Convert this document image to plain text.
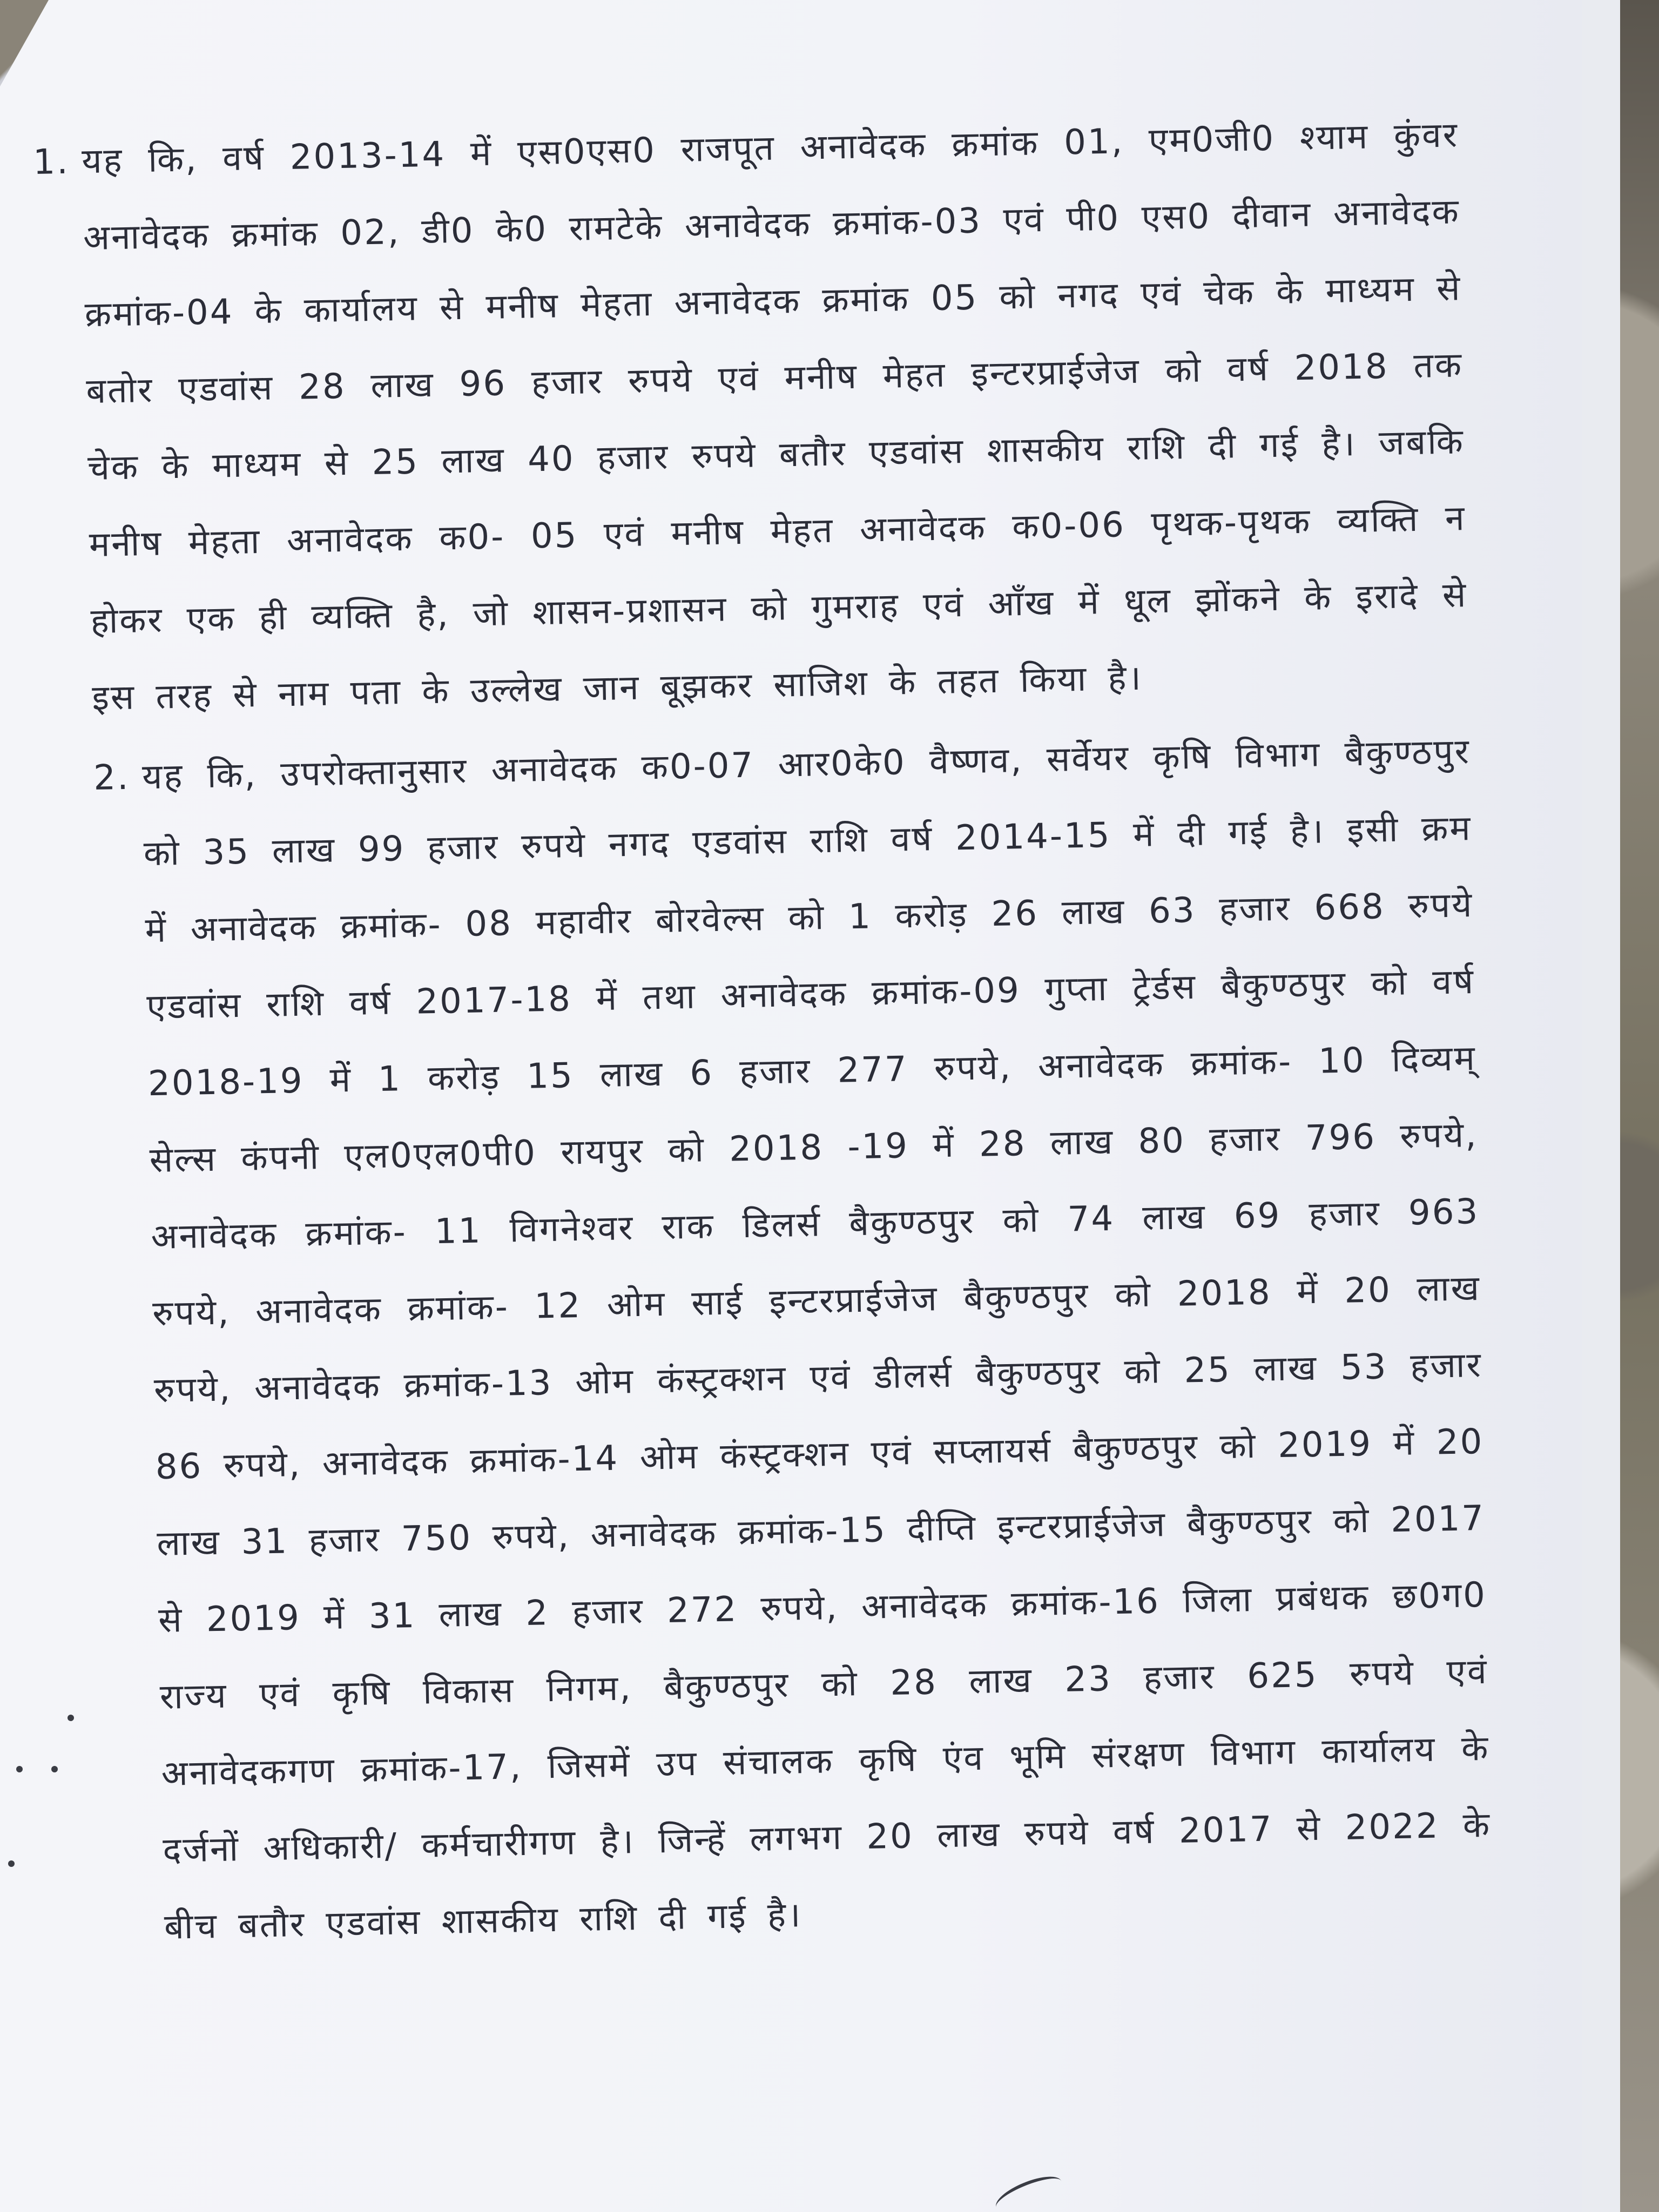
1. यह कि, वर्ष 2013-14 में एस0एस0 राजपूत अनावेदक क्रमांक 01, एम0जी0 श्याम कुंवर अनावेदक क्रमांक 02, डी0 के0 रामटेके अनावेदक क्रमांक-03 एवं पी0 एस0 दीवान अनावेदक क्रमांक-04 के कार्यालय से मनीष मेहता अनावेदक क्रमांक 05 को नगद एवं चेक के माध्यम से बतोर एडवांस 28 लाख 96 हजार रुपये एवं मनीष मेहत इन्टरप्राईजेज को वर्ष 2018 तक चेक के माध्यम से 25 लाख 40 हजार रुपये बतौर एडवांस शासकीय राशि दी गई है। जबकि मनीष मेहता अनावेदक क0- 05 एवं मनीष मेहत अनावेदक क0-06 पृथक-पृथक व्यक्ति न होकर एक ही व्यक्ति है, जो शासन-प्रशासन को गुमराह एवं आँख में धूल झोंकने के इरादे से इस तरह से नाम पता के उल्लेख जान बूझकर साजिश के तहत किया है।
2. यह कि, उपरोक्तानुसार अनावेदक क0-07 आर0के0 वैष्णव, सर्वेयर कृषि विभाग बैकुण्ठपुर को 35 लाख 99 हजार रुपये नगद एडवांस राशि वर्ष 2014-15 में दी गई है। इसी क्रम में अनावेदक क्रमांक- 08 महावीर बोरवेल्स को 1 करोड़ 26 लाख 63 हजार 668 रुपये एडवांस राशि वर्ष 2017-18 में तथा अनावेदक क्रमांक-09 गुप्ता ट्रेर्डस बैकुण्ठपुर को वर्ष 2018-19 में 1 करोड़ 15 लाख 6 हजार 277 रुपये, अनावेदक क्रमांक- 10 दिव्यम् सेल्स कंपनी एल0एल0पी0 रायपुर को 2018 -19 में 28 लाख 80 हजार 796 रुपये, अनावेदक क्रमांक- 11 विगनेश्वर राक डिलर्स बैकुण्ठपुर को 74 लाख 69 हजार 963 रुपये, अनावेदक क्रमांक- 12 ओम साई इन्टरप्राईजेज बैकुण्ठपुर को 2018 में 20 लाख रुपये, अनावेदक क्रमांक-13 ओम कंस्ट्रक्शन एवं डीलर्स बैकुण्ठपुर को 25 लाख 53 हजार 86 रुपये, अनावेदक क्रमांक-14 ओम कंस्ट्रक्शन एवं सप्लायर्स बैकुण्ठपुर को 2019 में 20 लाख 31 हजार 750 रुपये, अनावेदक क्रमांक-15 दीप्ति इन्टरप्राईजेज बैकुण्ठपुर को 2017 से 2019 में 31 लाख 2 हजार 272 रुपये, अनावेदक क्रमांक-16 जिला प्रबंधक छ0ग0 राज्य एवं कृषि विकास निगम, बैकुण्ठपुर को 28 लाख 23 हजार 625 रुपये एवं अनावेदकगण क्रमांक-17, जिसमें उप संचालक कृषि एंव भूमि संरक्षण विभाग कार्यालय के दर्जनों अधिकारी/ कर्मचारीगण है। जिन्हें लगभग 20 लाख रुपये वर्ष 2017 से 2022 के बीच बतौर एडवांस शासकीय राशि दी गई है।
